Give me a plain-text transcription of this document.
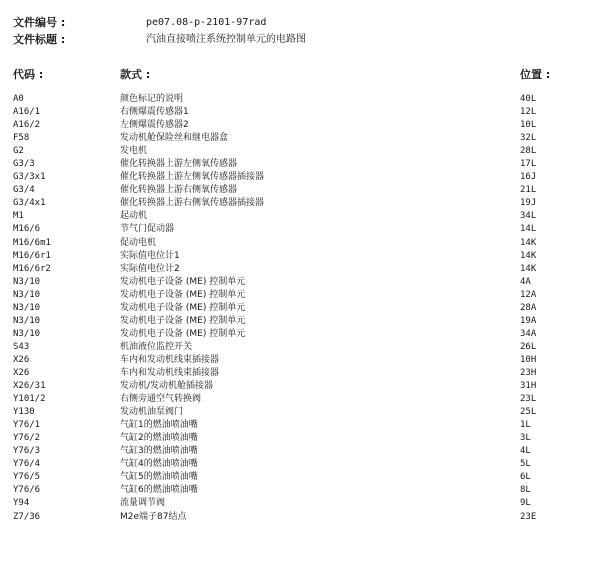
文件编号 :	pe07.08-p-2101-97rad
文件标题 :	汽油直接喷注系统控制单元的电路图
代码 :	款式 :	位置 :
A0	颜色标记的说明	40L
A16/1	右侧爆震传感器1	12L
A16/2	左侧爆震传感器2	10L
F58	发动机舱保险丝和继电器盒	32L
G2	发电机	28L
G3/3	催化转换器上游左侧氧传感器	17L
G3/3x1	催化转换器上游左侧氧传感器插接器	16J
G3/4	催化转换器上游右侧氧传感器	21L
G3/4x1	催化转换器上游右侧氧传感器插接器	19J
M1	起动机	34L
M16/6	节气门促动器	14L
M16/6m1	促动电机	14K
M16/6r1	实际值电位计1	14K
M16/6r2	实际值电位计2	14K
N3/10	发动机电子设备 (ME) 控制单元	4A
N3/10	发动机电子设备 (ME) 控制单元	12A
N3/10	发动机电子设备 (ME) 控制单元	28A
N3/10	发动机电子设备 (ME) 控制单元	19A
N3/10	发动机电子设备 (ME) 控制单元	34A
S43	机油液位监控开关	26L
X26	车内和发动机线束插接器	10H
X26	车内和发动机线束插接器	23H
X26/31	发动机/发动机舱插接器	31H
Y101/2	右侧旁通空气转换阀	23L
Y130	发动机油泵阀门	25L
Y76/1	气缸1的燃油喷油嘴	1L
Y76/2	气缸2的燃油喷油嘴	3L
Y76/3	气缸3的燃油喷油嘴	4L
Y76/4	气缸4的燃油喷油嘴	5L
Y76/5	气缸5的燃油喷油嘴	6L
Y76/6	气缸6的燃油喷油嘴	8L
Y94	流量调节阀	9L
Z7/36	M2e端子87结点	23E
